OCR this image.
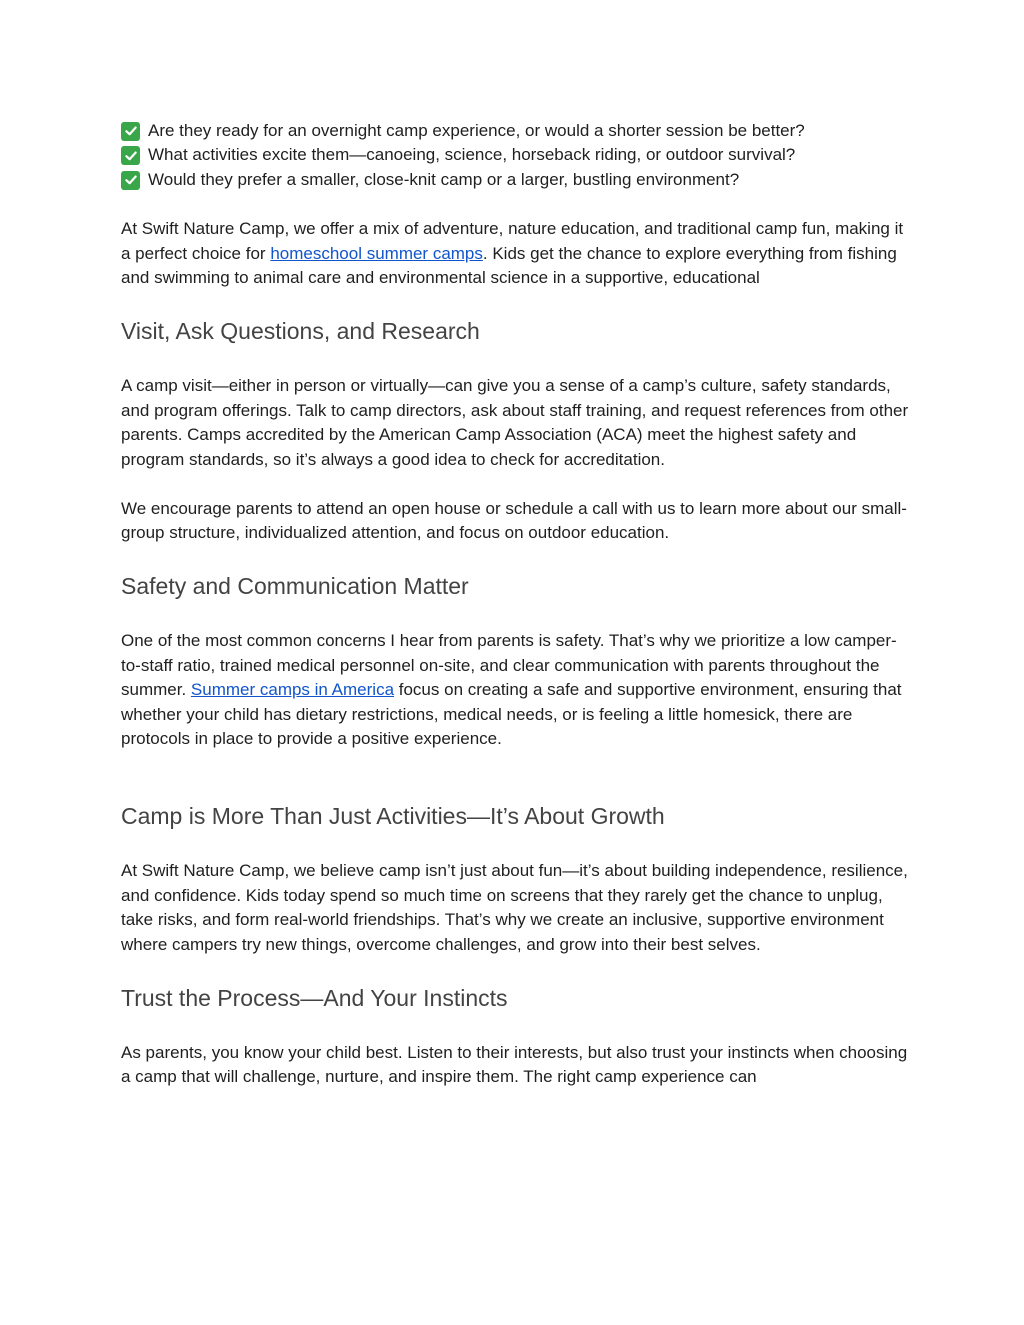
Are they ready for an overnight camp experience, or would a shorter session be better?
What activities excite them—canoeing, science, horseback riding, or outdoor survival?
Would they prefer a smaller, close-knit camp or a larger, bustling environment?

At Swift Nature Camp, we offer a mix of adventure, nature education, and traditional camp fun, making it a perfect choice for homeschool summer camps. Kids get the chance to explore everything from fishing and swimming to animal care and environmental science in a supportive, educational

Visit, Ask Questions, and Research

A camp visit—either in person or virtually—can give you a sense of a camp’s culture, safety standards, and program offerings. Talk to camp directors, ask about staff training, and request references from other parents. Camps accredited by the American Camp Association (ACA) meet the highest safety and program standards, so it’s always a good idea to check for accreditation.

We encourage parents to attend an open house or schedule a call with us to learn more about our small-group structure, individualized attention, and focus on outdoor education.

Safety and Communication Matter

One of the most common concerns I hear from parents is safety. That’s why we prioritize a low camper-to-staff ratio, trained medical personnel on-site, and clear communication with parents throughout the summer. Summer camps in America focus on creating a safe and supportive environment, ensuring that whether your child has dietary restrictions, medical needs, or is feeling a little homesick, there are protocols in place to provide a positive experience.

Camp is More Than Just Activities—It’s About Growth

At Swift Nature Camp, we believe camp isn’t just about fun—it’s about building independence, resilience, and confidence. Kids today spend so much time on screens that they rarely get the chance to unplug, take risks, and form real-world friendships. That’s why we create an inclusive, supportive environment where campers try new things, overcome challenges, and grow into their best selves.

Trust the Process—And Your Instincts

As parents, you know your child best. Listen to their interests, but also trust your instincts when choosing a camp that will challenge, nurture, and inspire them. The right camp experience can
